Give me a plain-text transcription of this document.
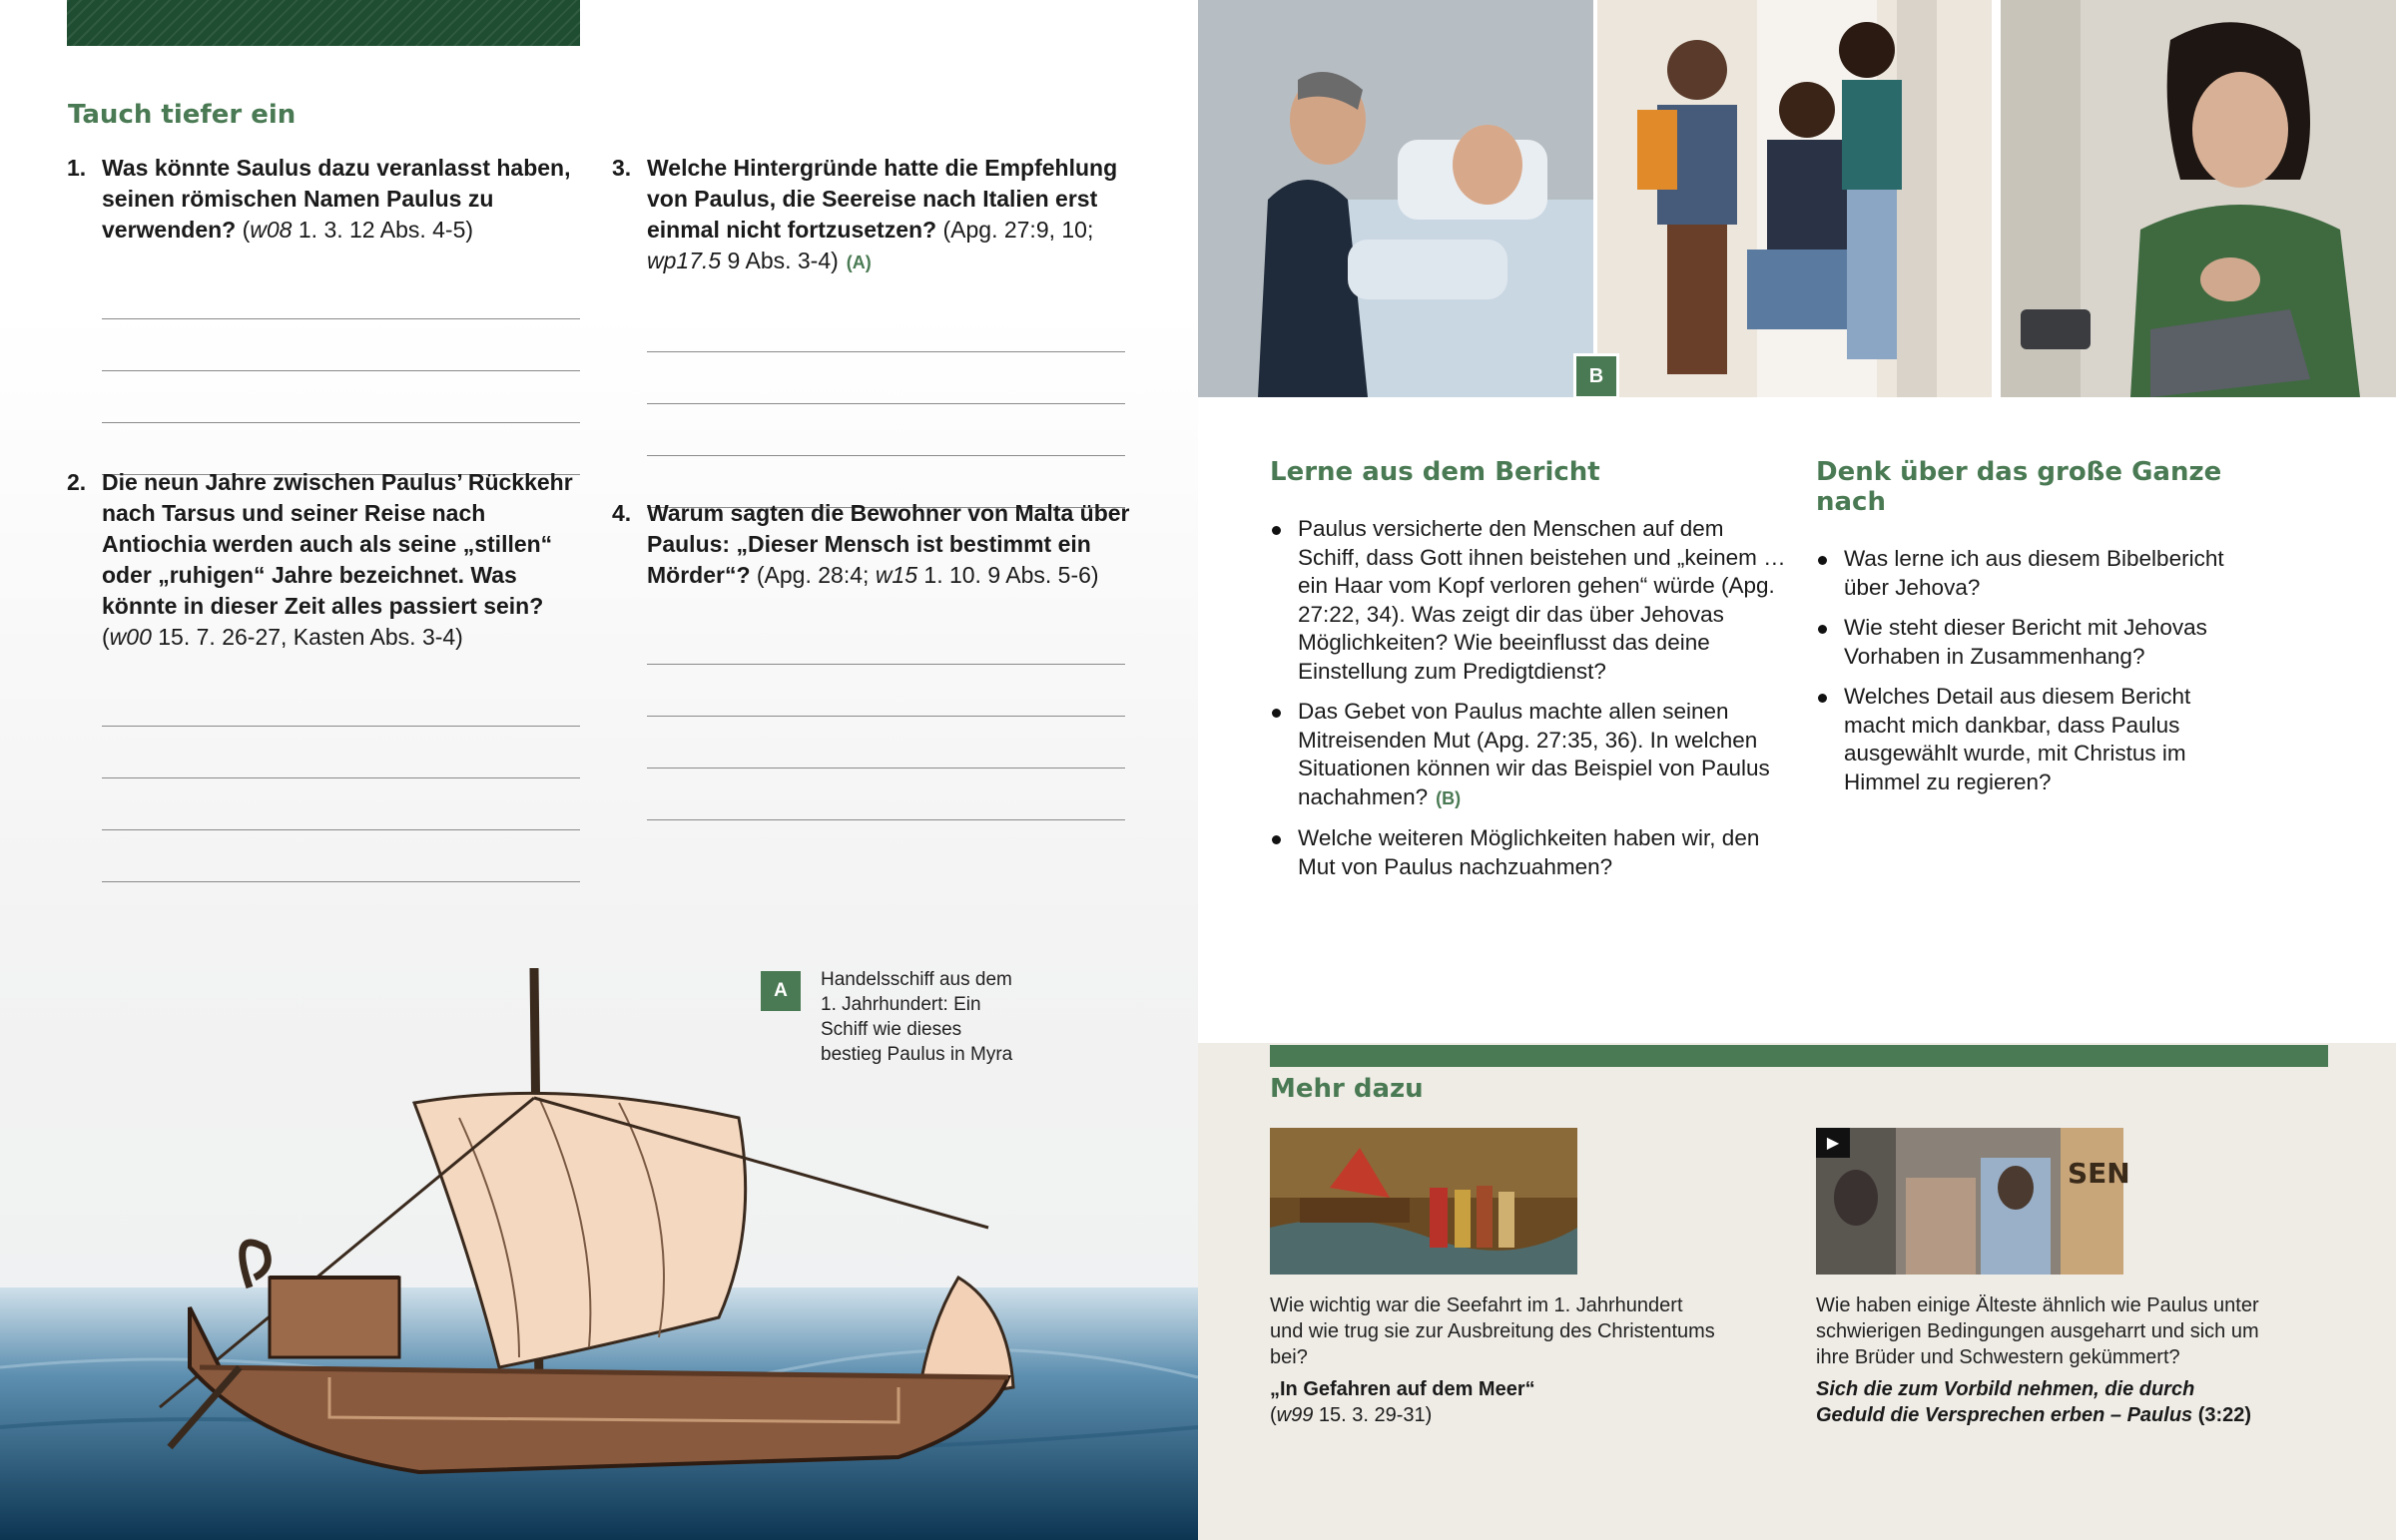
Tauch tiefer ein
1. Was könnte Saulus dazu veranlasst haben, seinen römischen Namen Paulus zu verwenden? (w08 1. 3. 12 Abs. 4-5)
2. Die neun Jahre zwischen Paulus’ Rückkehr nach Tarsus und seiner Reise nach Antiochia werden auch als seine „stillen“ oder „ruhigen“ Jahre bezeichnet. Was könnte in dieser Zeit alles passiert sein? (w00 15. 7. 26-27, Kasten Abs. 3-4)
3. Welche Hintergründe hatte die Empfehlung von Paulus, die Seereise nach Italien erst einmal nicht fortzusetzen? (Apg. 27:9, 10; wp17.5 9 Abs. 3-4) (A)
4. Warum sagten die Bewohner von Malta über Paulus: „Dieser Mensch ist bestimmt ein Mörder“? (Apg. 28:4; w15 1. 10. 9 Abs. 5-6)
A
Handelsschiff aus dem 1. Jahrhundert: Ein Schiff wie dieses bestieg Paulus in Myra
B
Lerne aus dem Bericht
Paulus versicherte den Menschen auf dem Schiff, dass Gott ihnen beistehen und „keinem … ein Haar vom Kopf verloren gehen“ würde (Apg. 27:22, 34). Was zeigt dir das über Jehovas Möglichkeiten? Wie beeinflusst das deine Einstellung zum Predigtdienst?
Das Gebet von Paulus machte allen seinen Mitreisenden Mut (Apg. 27:35, 36). In welchen Situationen können wir das Beispiel von Paulus nachahmen? (B)
Welche weiteren Möglichkeiten haben wir, den Mut von Paulus nachzuahmen?
Denk über das große Ganze nach
Was lerne ich aus diesem Bibelbericht über Jehova?
Wie steht dieser Bericht mit Jehovas Vorhaben in Zusammenhang?
Welches Detail aus diesem Bericht macht mich dankbar, dass Paulus ausgewählt wurde, mit Christus im Himmel zu regieren?
Mehr dazu

Wie wichtig war die Seefahrt im 1. Jahrhundert und wie trug sie zur Ausbreitung des Christentums bei?

„In Gefahren auf dem Meer“
(w99 15. 3. 29-31)
SEN
▶

Wie haben einige Älteste ähnlich wie Paulus unter schwierigen Bedingungen ausgeharrt und sich um ihre Brüder und Schwestern gekümmert?

Sich die zum Vorbild nehmen, die durch Geduld die Versprechen erben – Paulus (3:22)
